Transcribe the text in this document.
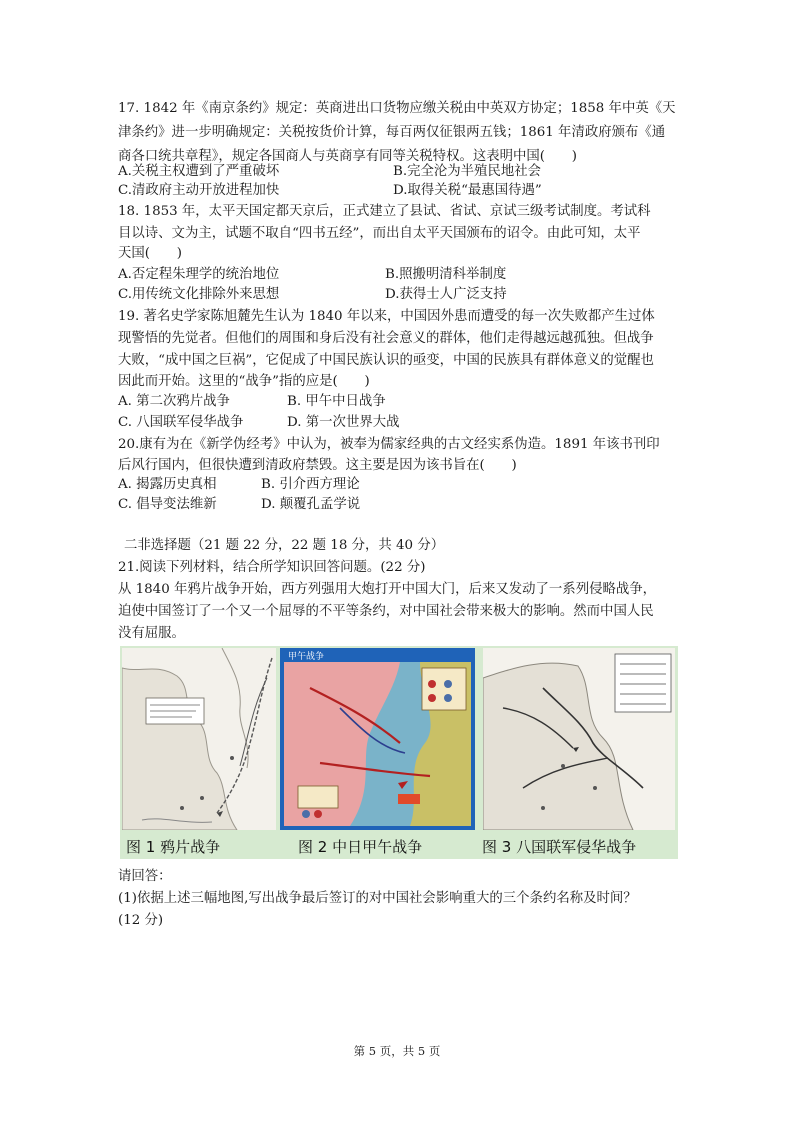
17. 1842 年《南京条约》规定：英商进出口货物应缴关税由中英双方协定；1858 年中英《天
津条约》进一步明确规定：关税按货价计算，每百两仅征银两五钱；1861 年清政府颁布《通
商各口统共章程》，规定各国商人与英商享有同等关税特权。这表明中国(　　)
A.关税主权遭到了严重破坏	B.完全沦为半殖民地社会
C.清政府主动开放进程加快	D.取得关税“最惠国待遇”
18. 1853 年，太平天国定都天京后，正式建立了县试、省试、京试三级考试制度。考试科
目以诗、文为主，试题不取自“四书五经”，而出自太平天国颁布的诏令。由此可知，太平
天国(　　)
A.否定程朱理学的统治地位	B.照搬明清科举制度
C.用传统文化排除外来思想	D.获得士人广泛支持
19. 著名史学家陈旭麓先生认为 1840 年以来，中国因外患而遭受的每一次失败都产生过体
现警悟的先觉者。但他们的周围和身后没有社会意义的群体，他们走得越远越孤独。但战争
大败，“成中国之巨祸”，它促成了中国民族认识的亟变，中国的民族具有群体意义的觉醒也
因此而开始。这里的“战争”指的应是(　　)
A. 第二次鸦片战争	B. 甲午中日战争
C. 八国联军侵华战争	D. 第一次世界大战
20.康有为在《新学伪经考》中认为，被奉为儒家经典的古文经实系伪造。1891 年该书刊印
后风行国内，但很快遭到清政府禁毁。这主要是因为该书旨在(　　)
A. 揭露历史真相	B. 引介西方理论
C. 倡导变法维新	D. 颠覆孔孟学说
二非选择题（21 题 22 分，22 题 18 分，共 40 分）
21.阅读下列材料，结合所学知识回答问题。(22 分)
从 1840 年鸦片战争开始，西方列强用大炮打开中国大门，后来又发动了一系列侵略战争，
迫使中国签订了一个又一个屈辱的不平等条约，对中国社会带来极大的影响。然而中国人民
没有屈服。
甲午战争
图 1 鸦片战争	图 2 中日甲午战争	图 3 八国联军侵华战争
请回答：
(1)依据上述三幅地图,写出战争最后签订的对中国社会影响重大的三个条约名称及时间？
(12 分)
第 5 页，共 5 页
